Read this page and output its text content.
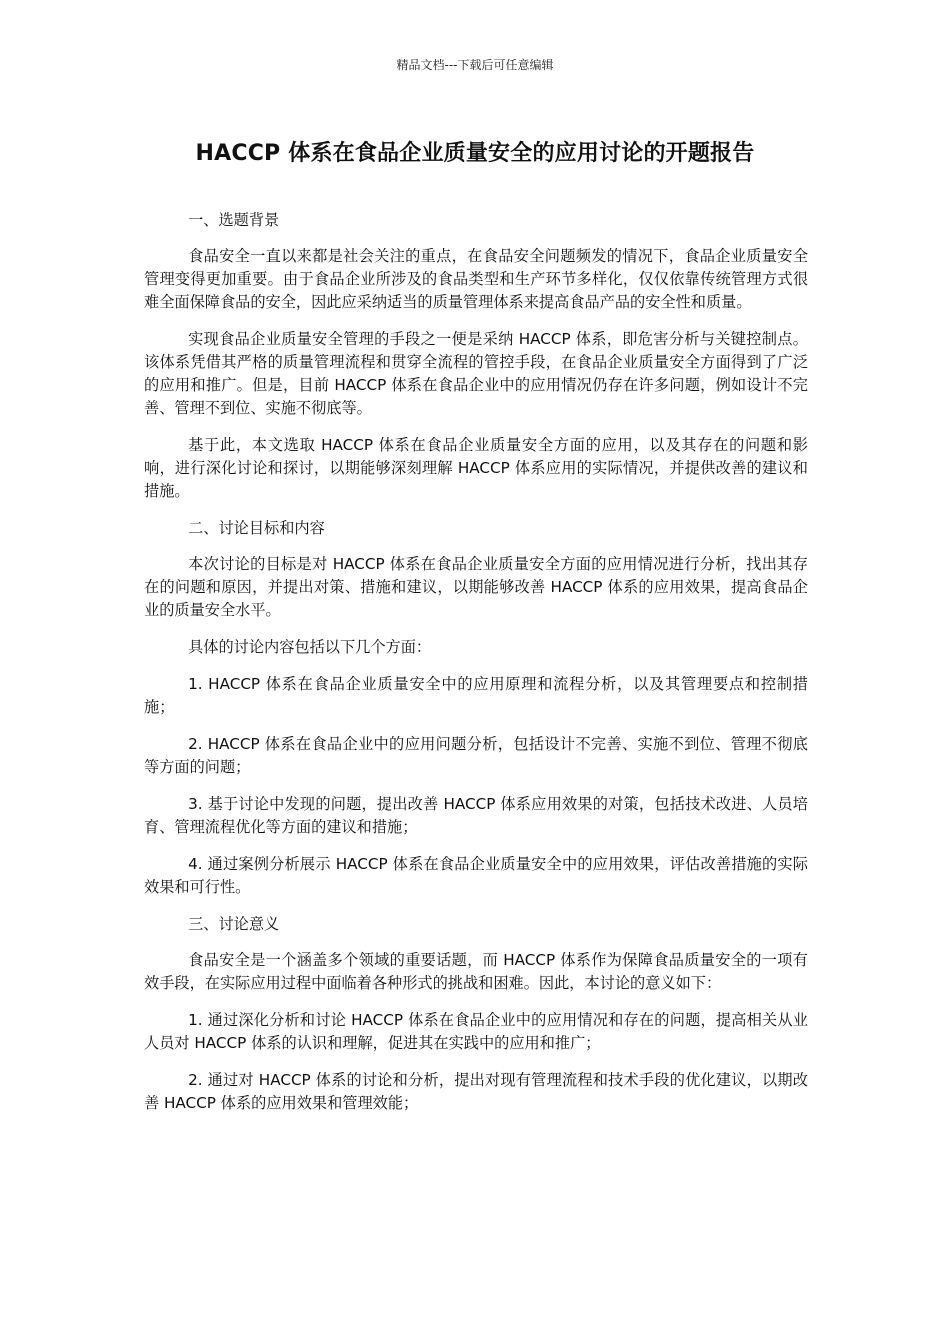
精品文档---下载后可任意编辑
HACCP 体系在食品企业质量安全的应用讨论的开题报告

一、选题背景

食品安全一直以来都是社会关注的重点，在食品安全问题频发的情况下，食品企业质量安全管理变得更加重要。由于食品企业所涉及的食品类型和生产环节多样化，仅仅依靠传统管理方式很难全面保障食品的安全，因此应采纳适当的质量管理体系来提高食品产品的安全性和质量。

实现食品企业质量安全管理的手段之一便是采纳 HACCP 体系，即危害分析与关键控制点。该体系凭借其严格的质量管理流程和贯穿全流程的管控手段，在食品企业质量安全方面得到了广泛的应用和推广。但是，目前 HACCP 体系在食品企业中的应用情况仍存在许多问题，例如设计不完善、管理不到位、实施不彻底等。

基于此，本文选取 HACCP 体系在食品企业质量安全方面的应用，以及其存在的问题和影响，进行深化讨论和探讨，以期能够深刻理解 HACCP 体系应用的实际情况，并提供改善的建议和措施。

二、讨论目标和内容

本次讨论的目标是对 HACCP 体系在食品企业质量安全方面的应用情况进行分析，找出其存在的问题和原因，并提出对策、措施和建议，以期能够改善 HACCP 体系的应用效果，提高食品企业的质量安全水平。

具体的讨论内容包括以下几个方面：

1. HACCP 体系在食品企业质量安全中的应用原理和流程分析，以及其管理要点和控制措施；

2. HACCP 体系在食品企业中的应用问题分析，包括设计不完善、实施不到位、管理不彻底等方面的问题；

3. 基于讨论中发现的问题，提出改善 HACCP 体系应用效果的对策，包括技术改进、人员培育、管理流程优化等方面的建议和措施；

4. 通过案例分析展示 HACCP 体系在食品企业质量安全中的应用效果，评估改善措施的实际效果和可行性。

三、讨论意义

食品安全是一个涵盖多个领域的重要话题，而 HACCP 体系作为保障食品质量安全的一项有效手段，在实际应用过程中面临着各种形式的挑战和困难。因此，本讨论的意义如下：

1. 通过深化分析和讨论 HACCP 体系在食品企业中的应用情况和存在的问题，提高相关从业人员对 HACCP 体系的认识和理解，促进其在实践中的应用和推广；

2. 通过对 HACCP 体系的讨论和分析，提出对现有管理流程和技术手段的优化建议，以期改善 HACCP 体系的应用效果和管理效能；
